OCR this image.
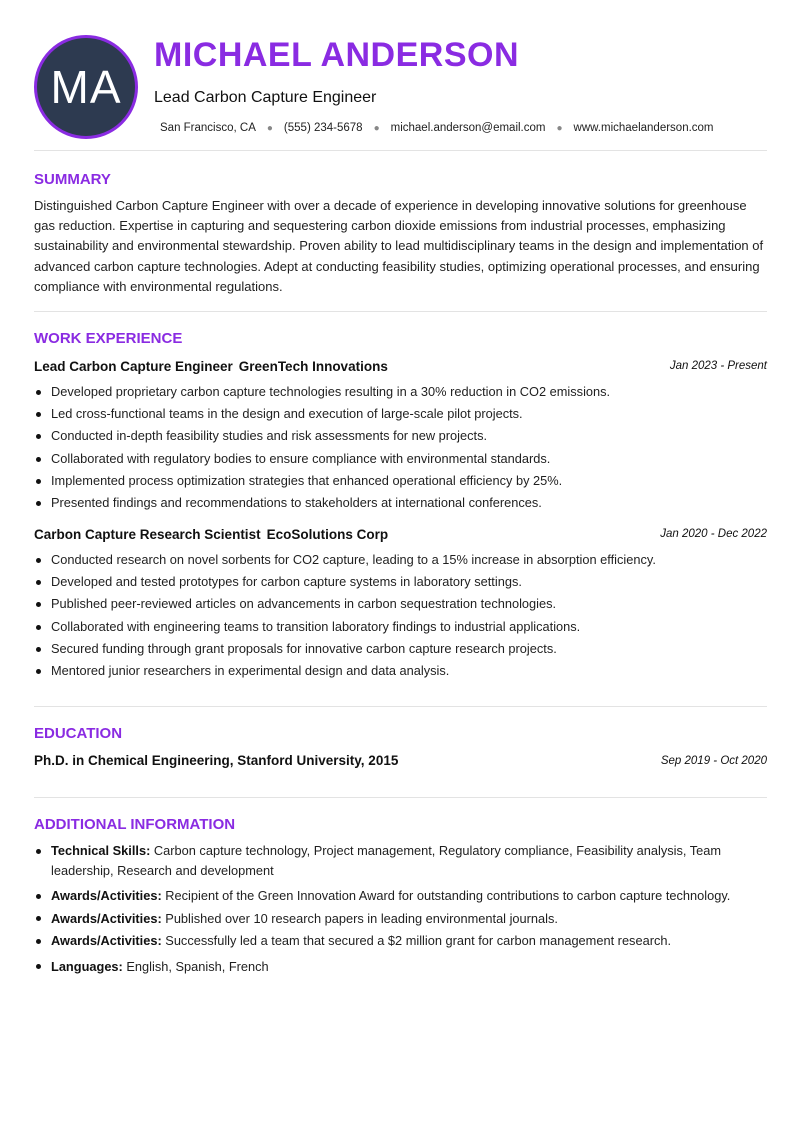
MA
MICHAEL ANDERSON
Lead Carbon Capture Engineer
San Francisco, CA ● (555) 234-5678 ● michael.anderson@email.com ● www.michaelanderson.com
SUMMARY
Distinguished Carbon Capture Engineer with over a decade of experience in developing innovative solutions for greenhouse gas reduction. Expertise in capturing and sequestering carbon dioxide emissions from industrial processes, emphasizing sustainability and environmental stewardship. Proven ability to lead multidisciplinary teams in the design and implementation of advanced carbon capture technologies. Adept at conducting feasibility studies, optimizing operational processes, and ensuring compliance with environmental regulations.
WORK EXPERIENCE
Lead Carbon Capture Engineer GreenTech Innovations	Jan 2023 - Present
Developed proprietary carbon capture technologies resulting in a 30% reduction in CO2 emissions.
Led cross-functional teams in the design and execution of large-scale pilot projects.
Conducted in-depth feasibility studies and risk assessments for new projects.
Collaborated with regulatory bodies to ensure compliance with environmental standards.
Implemented process optimization strategies that enhanced operational efficiency by 25%.
Presented findings and recommendations to stakeholders at international conferences.
Carbon Capture Research Scientist EcoSolutions Corp	Jan 2020 - Dec 2022
Conducted research on novel sorbents for CO2 capture, leading to a 15% increase in absorption efficiency.
Developed and tested prototypes for carbon capture systems in laboratory settings.
Published peer-reviewed articles on advancements in carbon sequestration technologies.
Collaborated with engineering teams to transition laboratory findings to industrial applications.
Secured funding through grant proposals for innovative carbon capture research projects.
Mentored junior researchers in experimental design and data analysis.
EDUCATION
Ph.D. in Chemical Engineering, Stanford University, 2015	Sep 2019 - Oct 2020
ADDITIONAL INFORMATION
Technical Skills: Carbon capture technology, Project management, Regulatory compliance, Feasibility analysis, Team leadership, Research and development
Awards/Activities: Recipient of the Green Innovation Award for outstanding contributions to carbon capture technology.
Awards/Activities: Published over 10 research papers in leading environmental journals.
Awards/Activities: Successfully led a team that secured a $2 million grant for carbon management research.
Languages: English, Spanish, French
